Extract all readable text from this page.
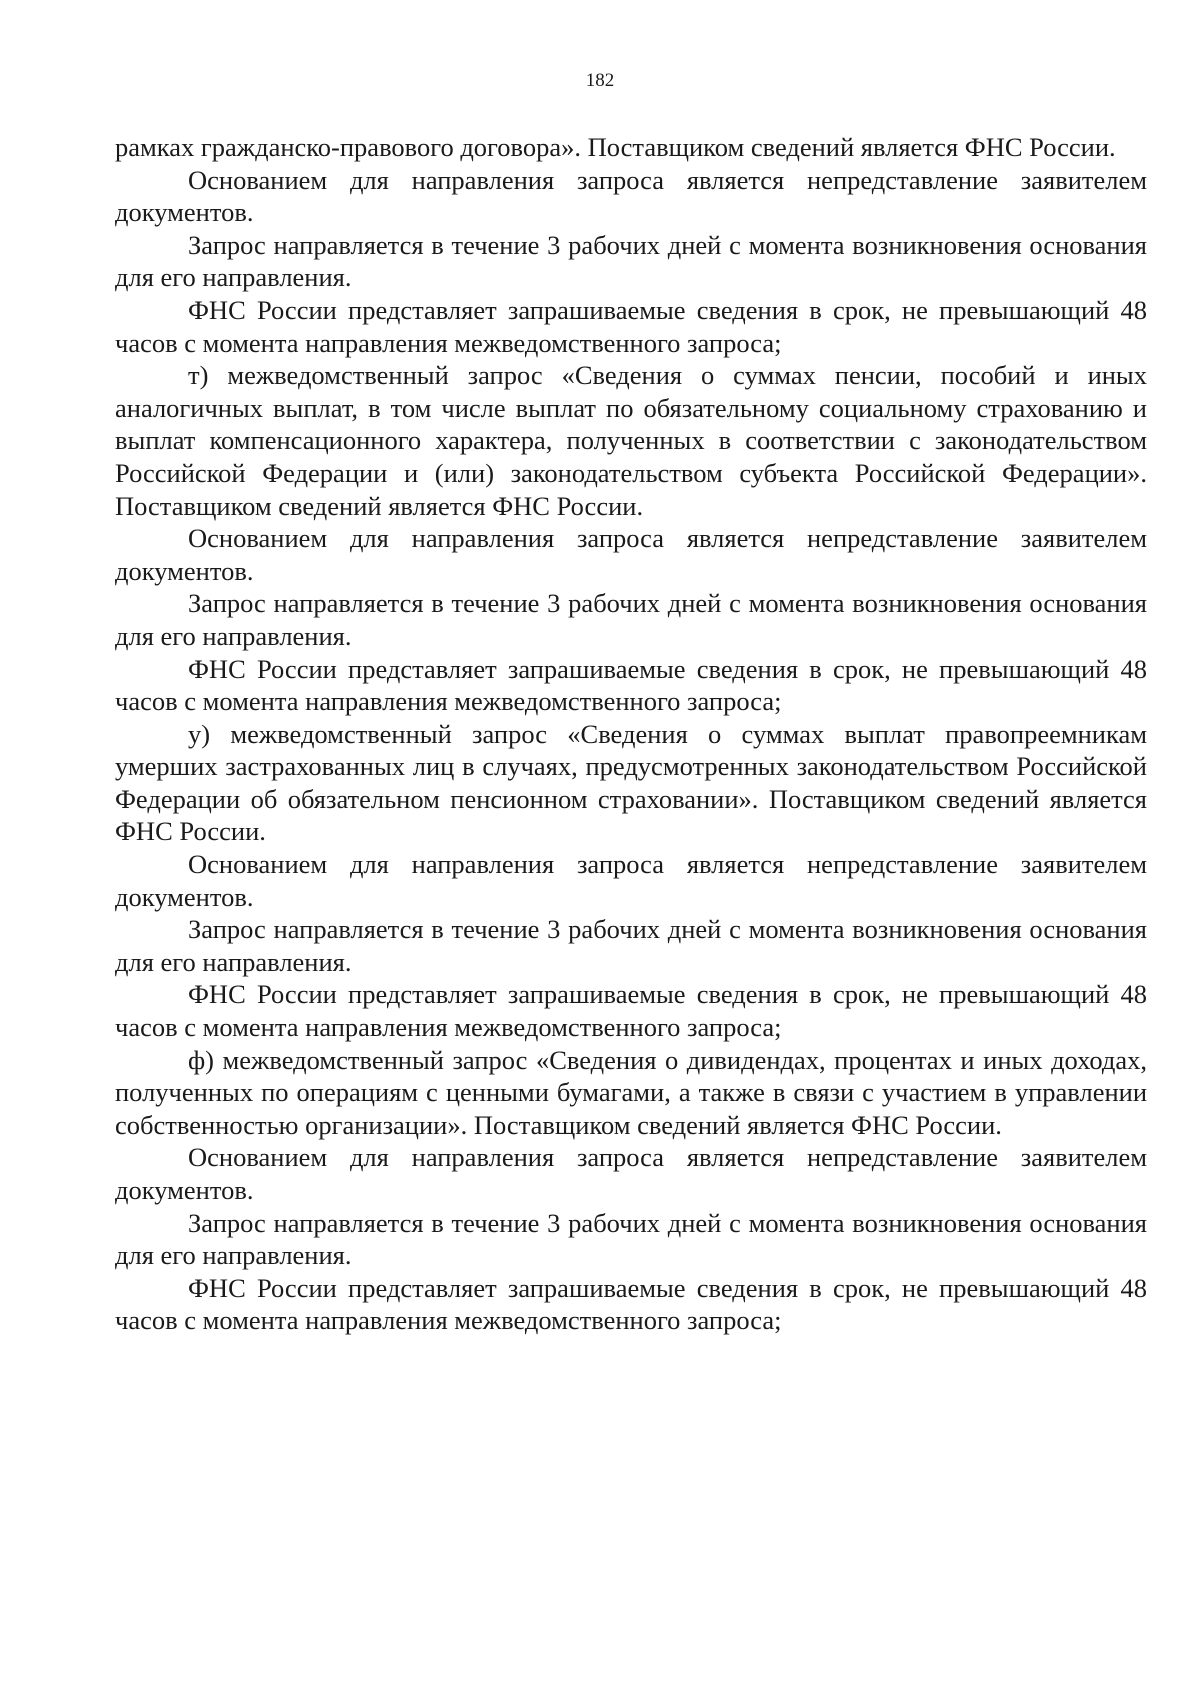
182

рамках гражданско-правового договора». Поставщиком сведений является ФНС России.

Основанием для направления запроса является непредставление заявителем документов.

Запрос направляется в течение 3 рабочих дней с момента возникновения основания для его направления.

ФНС России представляет запрашиваемые сведения в срок, не превышающий 48 часов с момента направления межведомственного запроса;

т) межведомственный запрос «Сведения о суммах пенсии, пособий и иных аналогичных выплат, в том числе выплат по обязательному социальному страхованию и выплат компенсационного характера, полученных в соответствии с законодательством Российской Федерации и (или) законодательством субъекта Российской Федерации». Поставщиком сведений является ФНС России.

Основанием для направления запроса является непредставление заявителем документов.

Запрос направляется в течение 3 рабочих дней с момента возникновения основания для его направления.

ФНС России представляет запрашиваемые сведения в срок, не превышающий 48 часов с момента направления межведомственного запроса;

у) межведомственный запрос «Сведения о суммах выплат правопреемникам умерших застрахованных лиц в случаях, предусмотренных законодательством Российской Федерации об обязательном пенсионном страховании». Поставщиком сведений является ФНС России.

Основанием для направления запроса является непредставление заявителем документов.

Запрос направляется в течение 3 рабочих дней с момента возникновения основания для его направления.

ФНС России представляет запрашиваемые сведения в срок, не превышающий 48 часов с момента направления межведомственного запроса;

ф) межведомственный запрос «Сведения о дивидендах, процентах и иных доходах, полученных по операциям с ценными бумагами, а также в связи с участием в управлении собственностью организации». Поставщиком сведений является ФНС России.

Основанием для направления запроса является непредставление заявителем документов.

Запрос направляется в течение 3 рабочих дней с момента возникновения основания для его направления.

ФНС России представляет запрашиваемые сведения в срок, не превышающий 48 часов с момента направления межведомственного запроса;
